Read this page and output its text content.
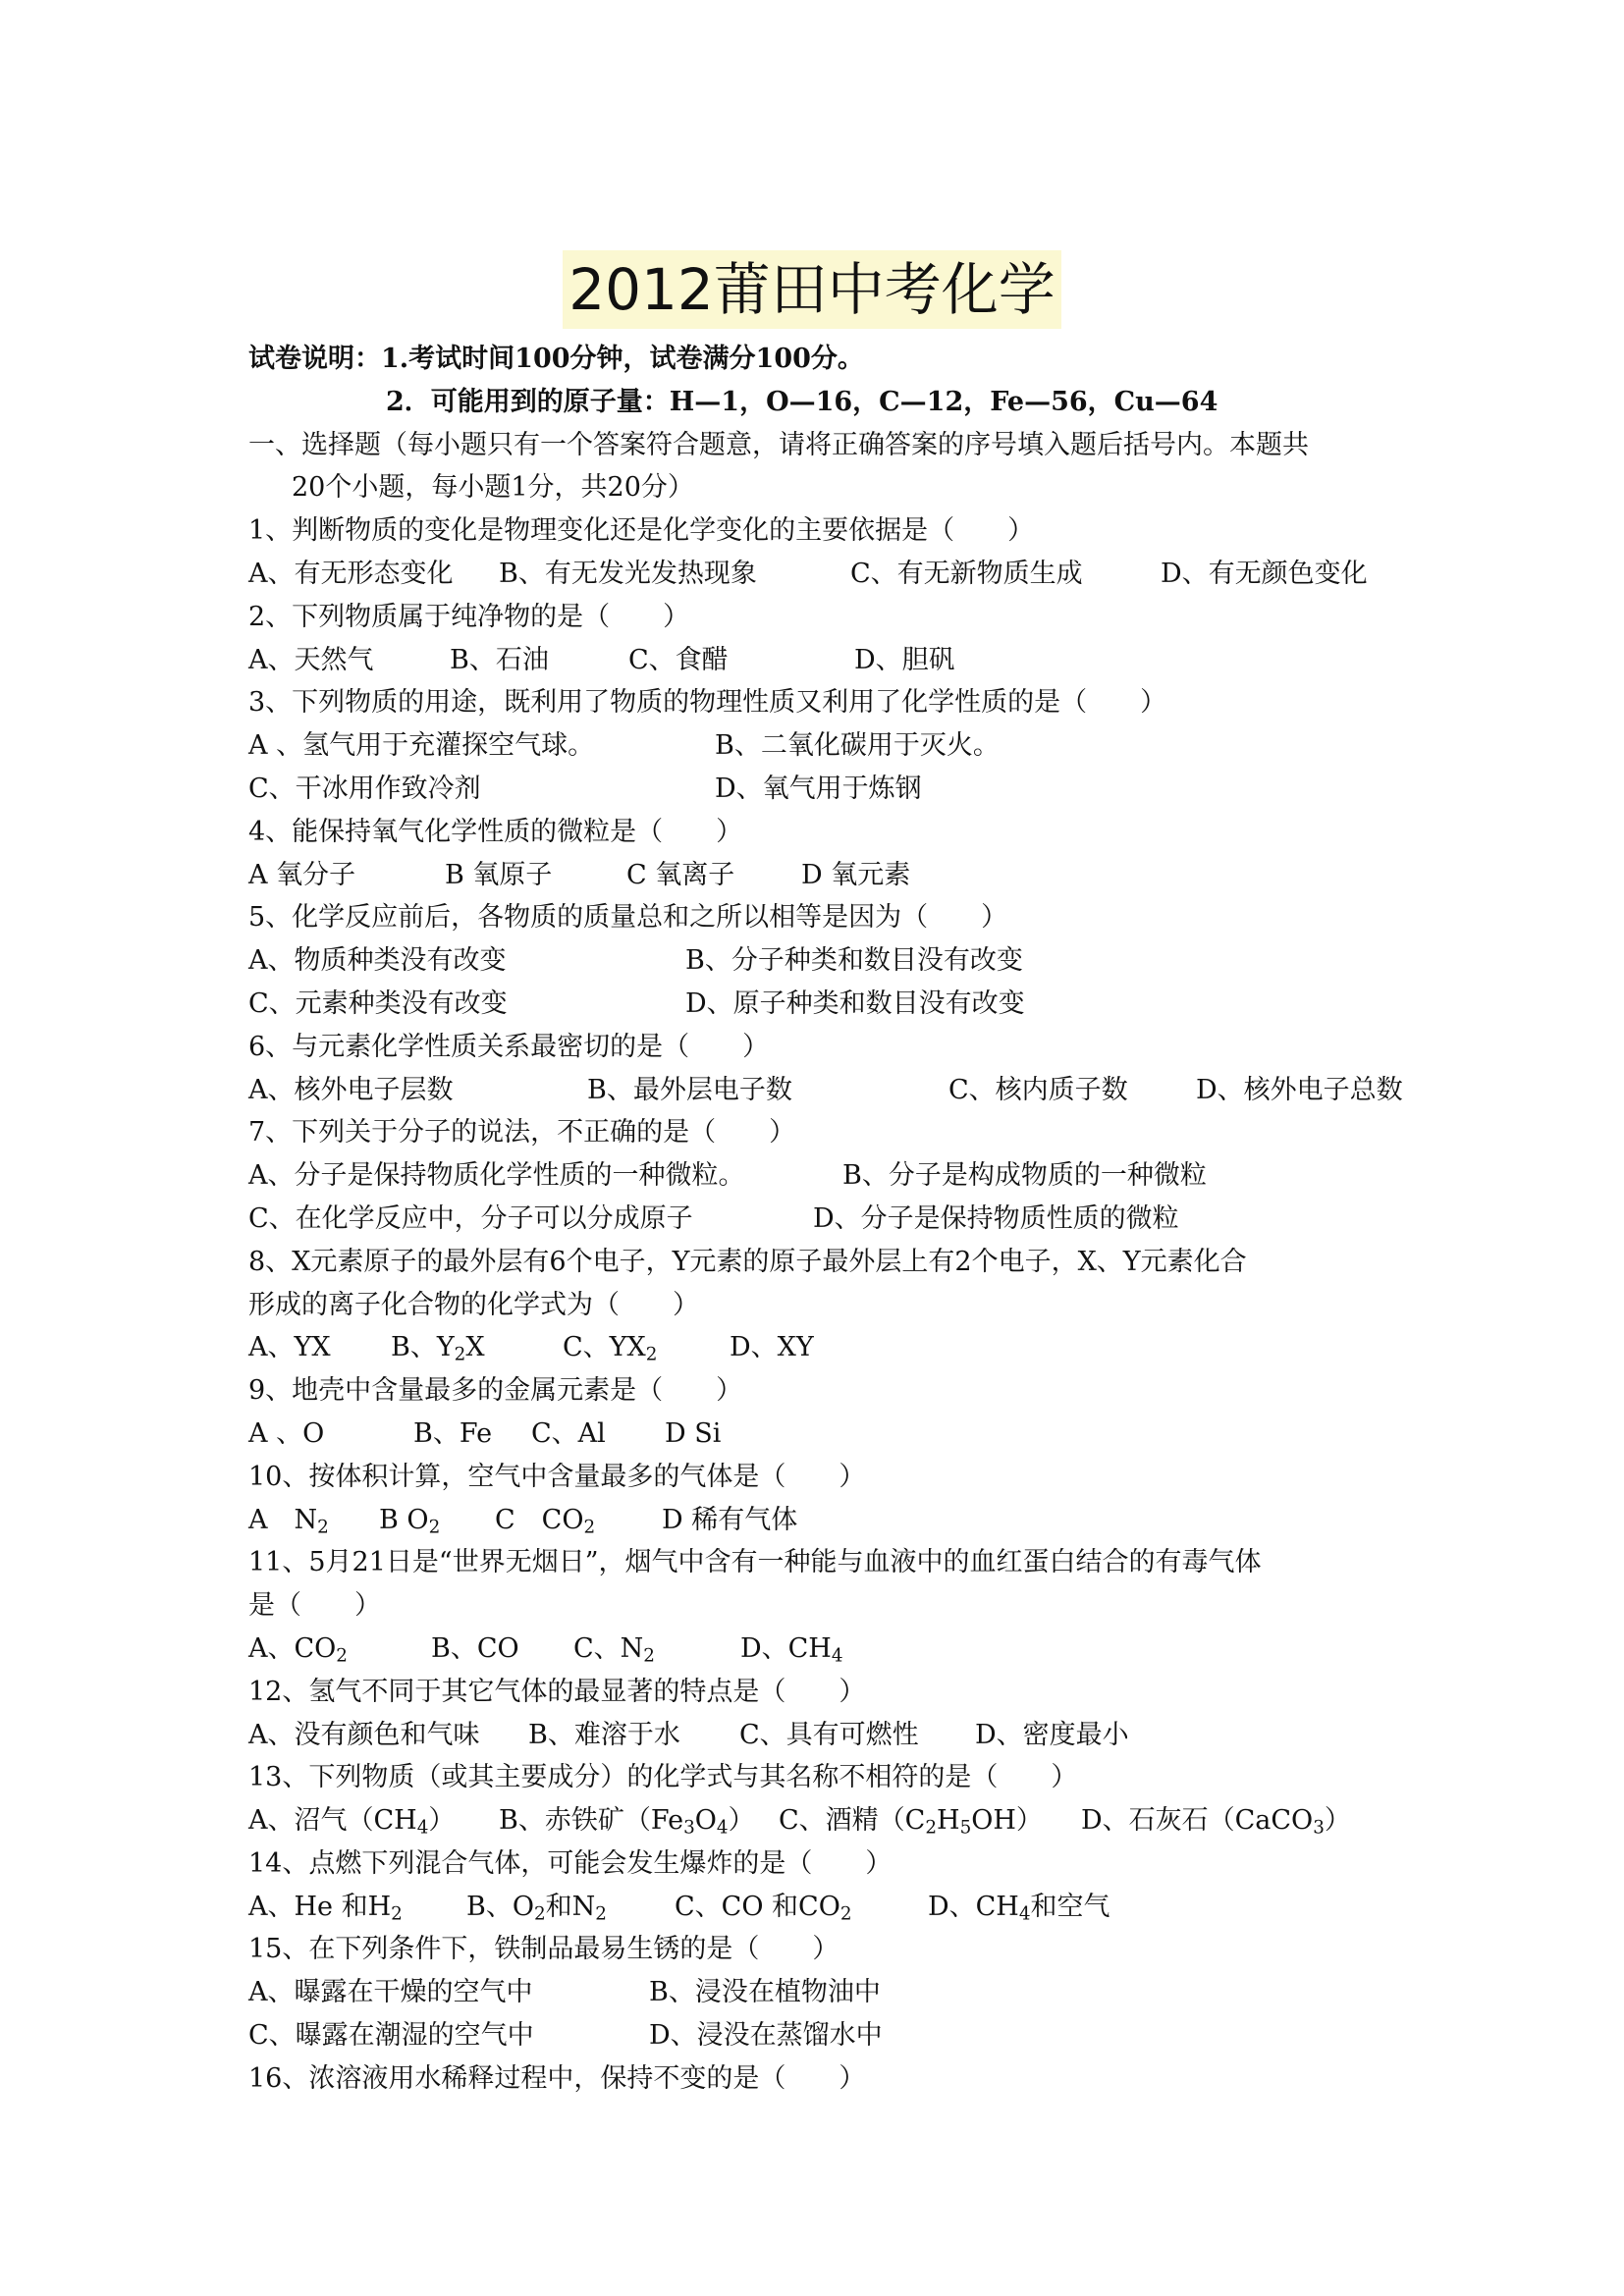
2012莆田中考化学
试卷说明：1.考试时间100分钟，试卷满分100分。
2．可能用到的原子量：H—1，O—16，C—12，Fe—56，Cu—64
一、选择题（每小题只有一个答案符合题意，请将正确答案的序号填入题后括号内。本题共
20个小题，每小题1分，共20分）
1、判断物质的变化是物理变化还是化学变化的主要依据是（　　）
A、有无形态变化 B、有无发光发热现象	C、有无新物质生成	D、有无颜色变化
2、下列物质属于纯净物的是（　　）
A、天然气	B、石油	C、食醋	D、胆矾
3、下列物质的用途，既利用了物质的物理性质又利用了化学性质的是（　　）
A 、氢气用于充灌探空气球。	B、二氧化碳用于灭火。
C、干冰用作致冷剂	D、氧气用于炼钢
4、能保持氧气化学性质的微粒是（　　）
A 氧分子	B 氧原子	C 氧离子	D 氧元素
5、化学反应前后，各物质的质量总和之所以相等是因为（　　）
A、物质种类没有改变	B、分子种类和数目没有改变
C、元素种类没有改变	D、原子种类和数目没有改变
6、与元素化学性质关系最密切的是（　　）
A、核外电子层数	B、最外层电子数	C、核内质子数	D、核外电子总数
7、下列关于分子的说法，不正确的是（　　）
A、分子是保持物质化学性质的一种微粒。	B、分子是构成物质的一种微粒
C、在化学反应中，分子可以分成原子	D、分子是保持物质性质的微粒
8、X元素原子的最外层有6个电子，Y元素的原子最外层上有2个电子，X、Y元素化合
形成的离子化合物的化学式为（　　）
A、YX B、$Y_2X$	C、$YX_2$	D、XY
9、地壳中含量最多的金属元素是（　　）
A 、O	B、Fe C、Al D Si
10、按体积计算，空气中含量最多的气体是（　　）
A　$N_2$ B $O_2$ C　$CO_2$	D 稀有气体
11、5月21日是“世界无烟日”，烟气中含有一种能与血液中的血红蛋白结合的有毒气体
是（　　）
A、$CO_2$	B、CO C、$N_2$	D、$CH_4$
12、氢气不同于其它气体的最显著的特点是（　　）
A、没有颜色和气味 B、难溶于水 C、具有可燃性 D、密度最小
13、下列物质（或其主要成分）的化学式与其名称不相符的是（　　）
A、沼气$(CH_4)$ B、赤铁矿$(Fe_3O_4)$ C、酒精$(C_2H_5OH)$ D、石灰石（CaCO$_3$）
14、点燃下列混合气体，可能会发生爆炸的是（　　）
A、He 和$H_2$ B、$O_2$和$N_2$	C、CO 和$CO_2$	D、$CH_4$和空气
15、在下列条件下，铁制品最易生锈的是（　　）
A、曝露在干燥的空气中	B、浸没在植物油中
C、曝露在潮湿的空气中	D、浸没在蒸馏水中
16、浓溶液用水稀释过程中，保持不变的是（　　）
